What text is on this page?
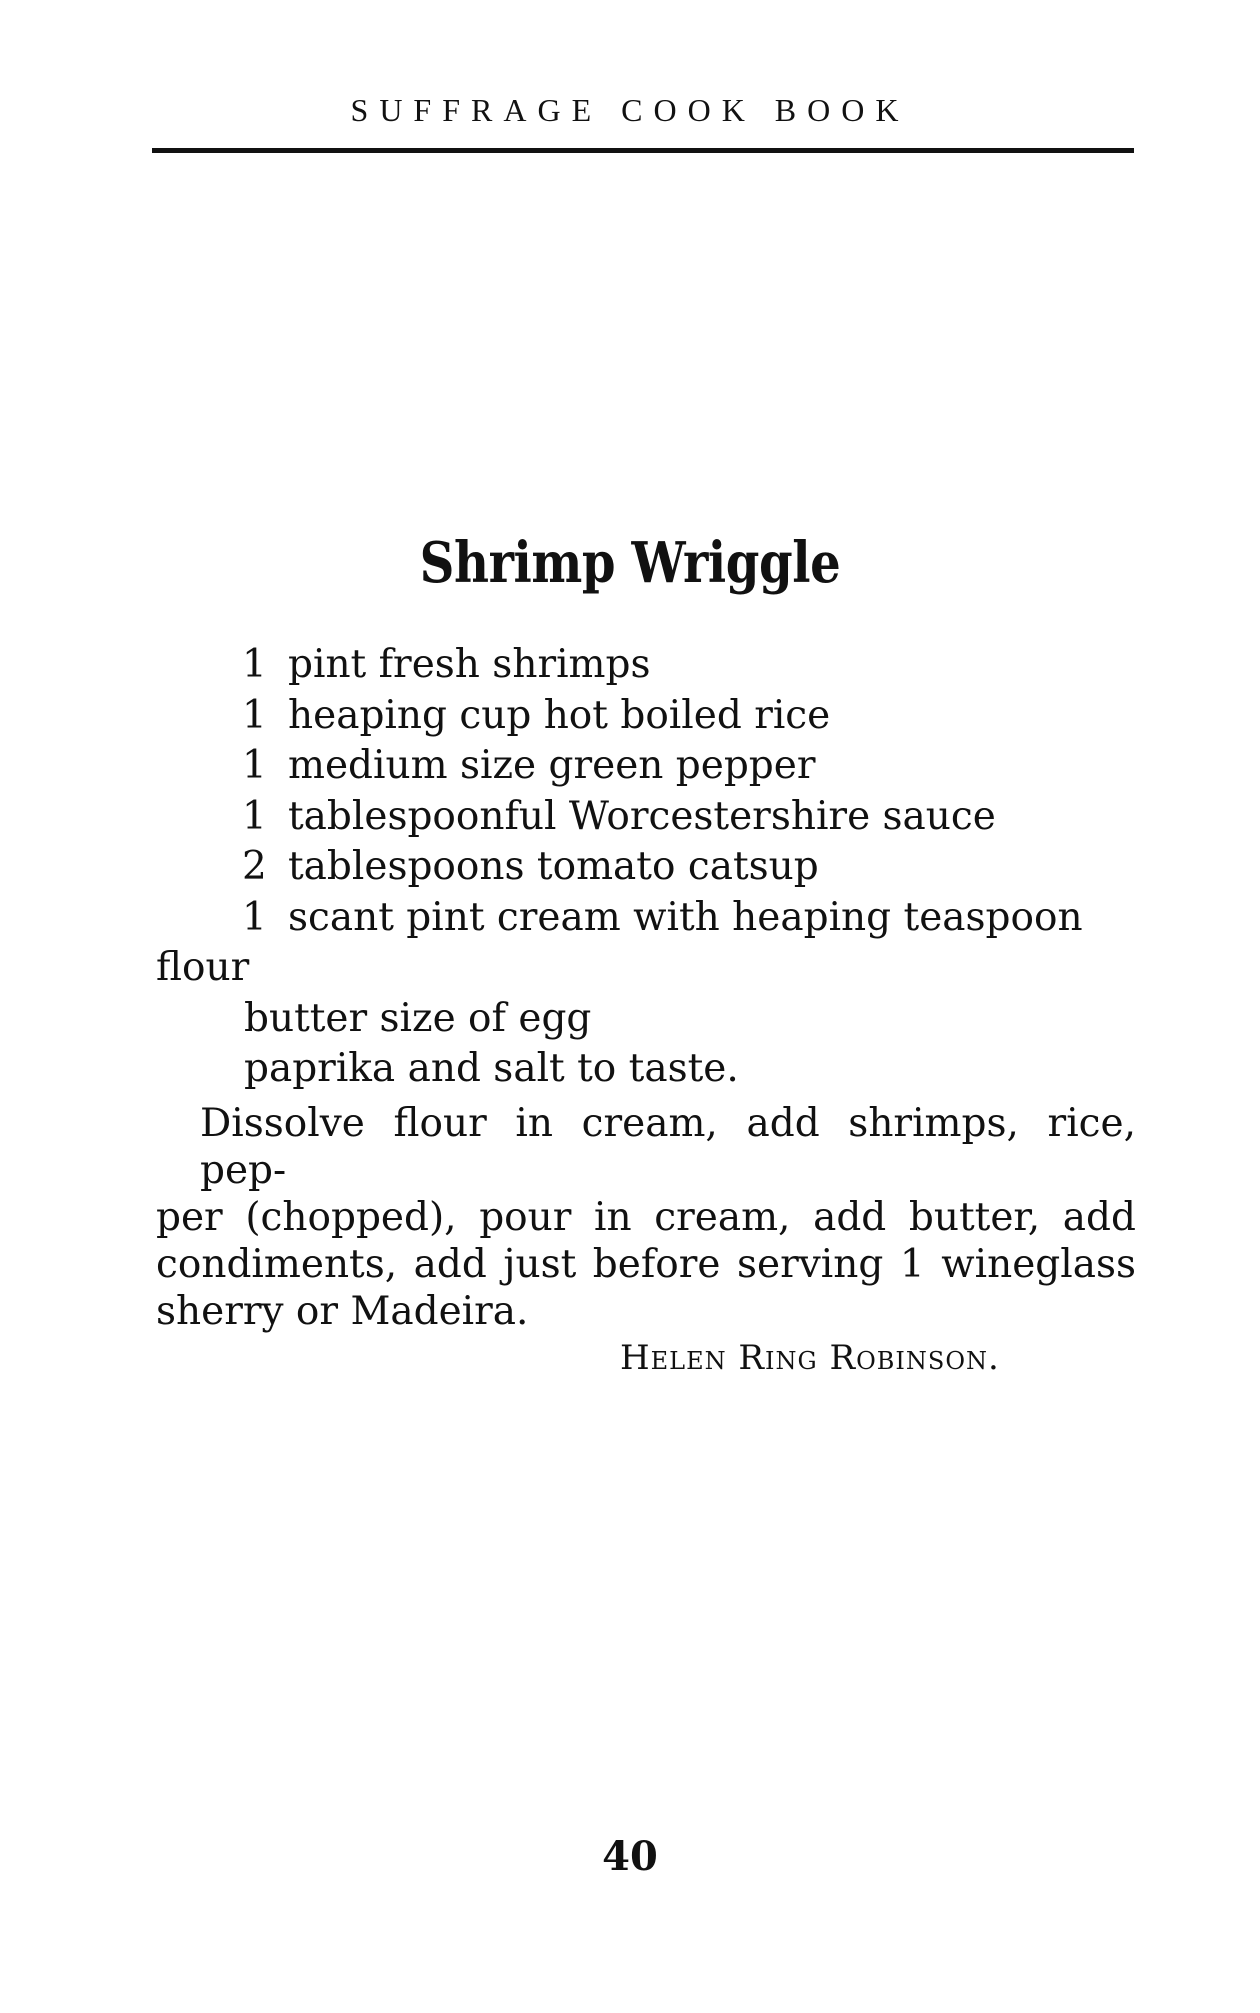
SUFFRAGE COOK BOOK
Shrimp Wriggle
1 pint fresh shrimps
1 heaping cup hot boiled rice
1 medium size green pepper
1 tablespoonful Worcestershire sauce
2 tablespoons tomato catsup
1 scant pint cream with heaping teaspoon
flour
butter size of egg
paprika and salt to taste.
Dissolve flour in cream, add shrimps, rice, pep-
per (chopped), pour in cream, add butter, add
condiments, add just before serving 1 wineglass
sherry or Madeira.
Helen Ring Robinson.
40
